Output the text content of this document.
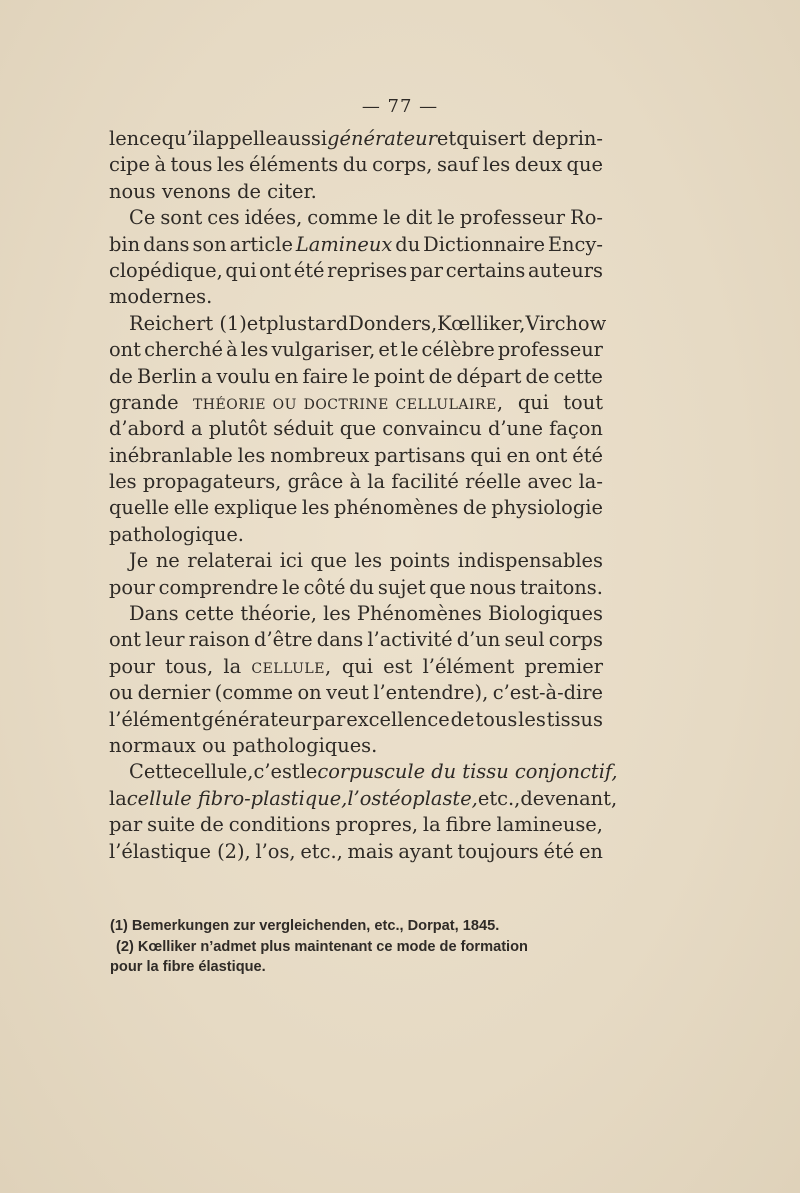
— 77 —
lence qu’il appelle aussi générateur et qui sert de prin-
cipe à tous les éléments du corps, sauf les deux que
nous venons de citer.
Ce sont ces idées, comme le dit le professeur Ro-
bin dans son article Lamineux du Dictionnaire Ency-
clopédique, qui ont été reprises par certains auteurs
modernes.
Reichert (1) et plus tard Donders, Kœlliker, Virchow
ont cherché à les vulgariser, et le célèbre professeur
de Berlin a voulu en faire le point de départ de cette
grande théorie ou doctrine cellulaire, qui tout
d’abord a plutôt séduit que convaincu d’une façon
inébranlable les nombreux partisans qui en ont été
les propagateurs, grâce à la facilité réelle avec la-
quelle elle explique les phénomènes de physiologie
pathologique.
Je ne relaterai ici que les points indispensables
pour comprendre le côté du sujet que nous traitons.
Dans cette théorie, les Phénomènes Biologiques
ont leur raison d’être dans l’activité d’un seul corps
pour tous, la cellule, qui est l’élément premier
ou dernier (comme on veut l’entendre), c’est-à-dire
l’élément générateur par excellence de tous les tissus
normaux ou pathologiques.
Cette cellule, c’est le corpuscule du tissu conjonctif,
la cellule fibro-plastique, l’ostéoplaste, etc., devenant,
par suite de conditions propres, la fibre lamineuse,
l’élastique (2), l’os, etc., mais ayant toujours été en
(1) Bemerkungen zur vergleichenden, etc., Dorpat, 1845.
(2) Kœlliker n’admet plus maintenant ce mode de formation
pour la fibre élastique.
